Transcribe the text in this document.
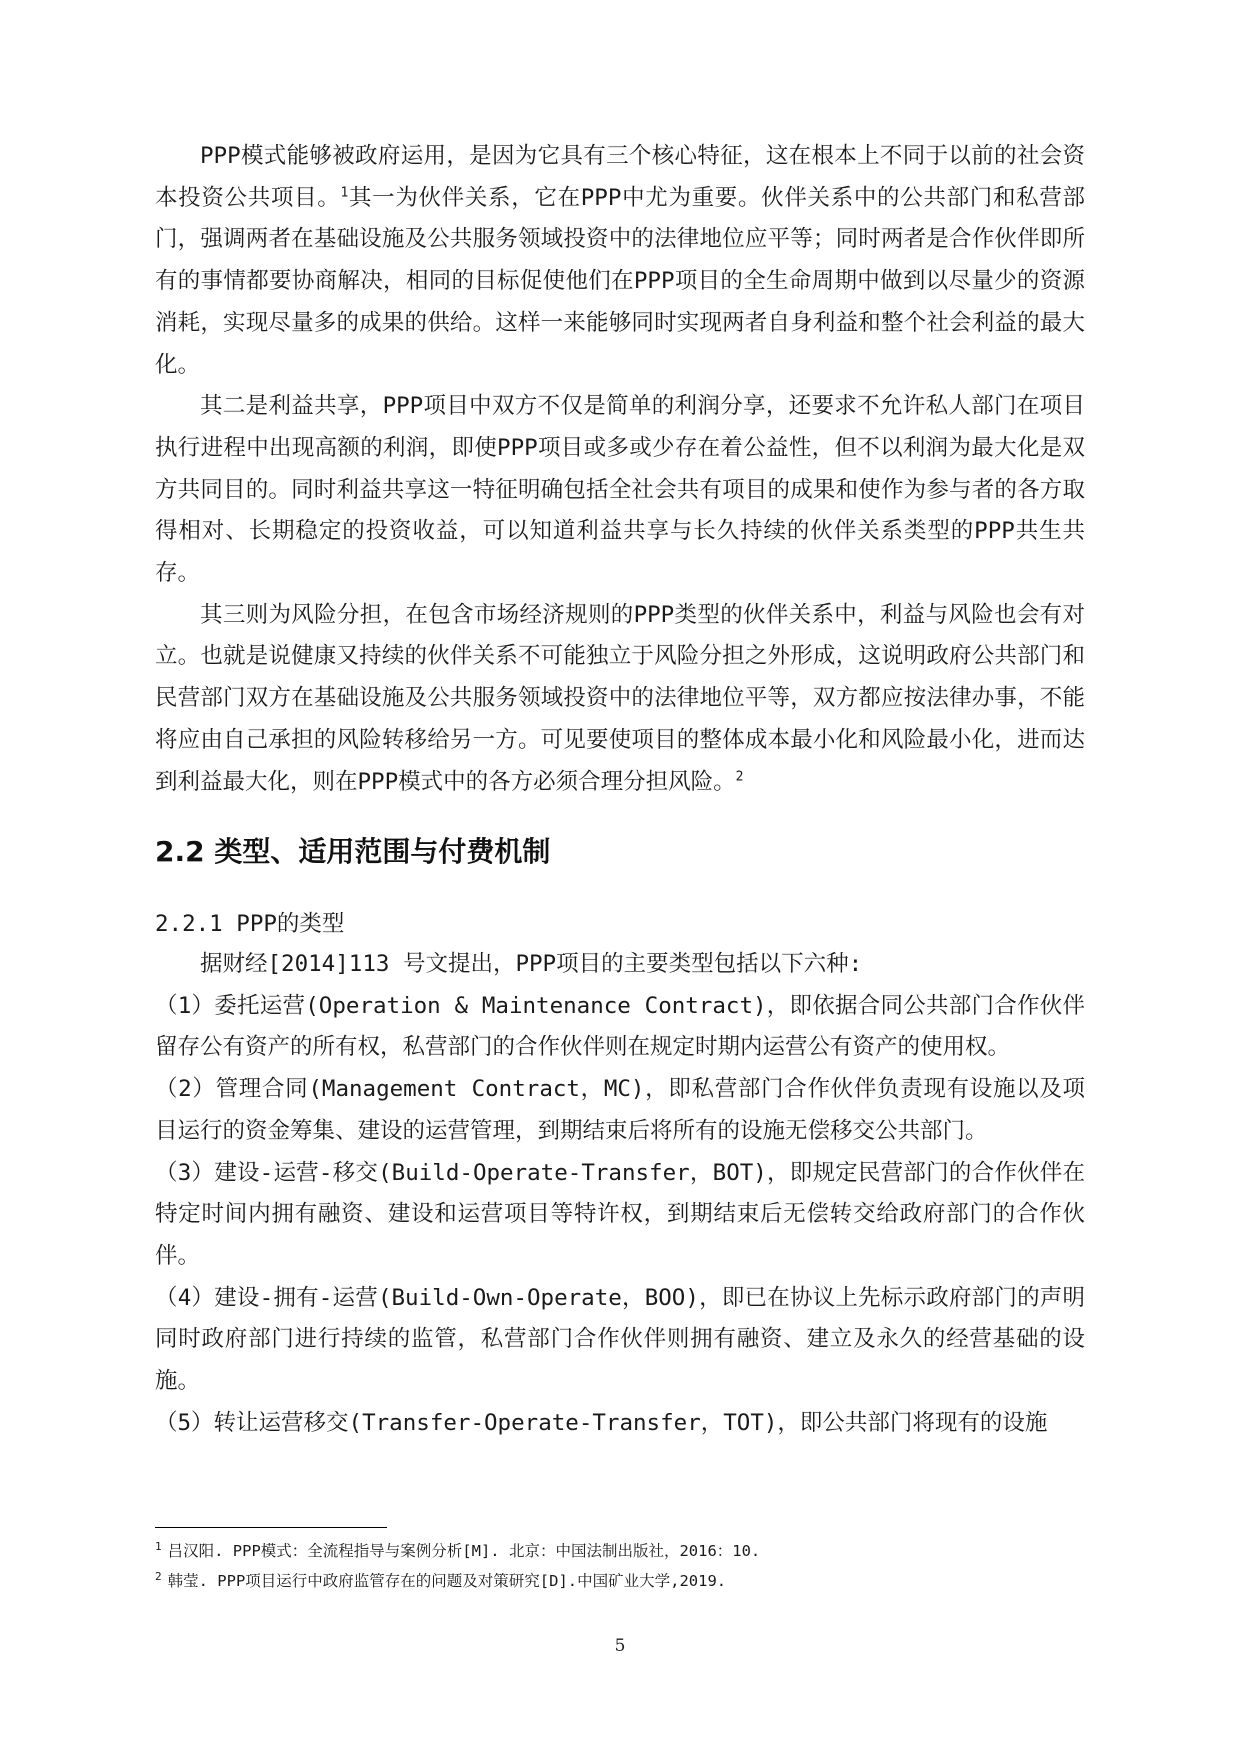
PPP模式能够被政府运用，是因为它具有三个核心特征，这在根本上不同于以前的社会资本投资公共项目。$^1$其一为伙伴关系，它在PPP中尤为重要。伙伴关系中的公共部门和私营部门，强调两者在基础设施及公共服务领域投资中的法律地位应平等；同时两者是合作伙伴即所有的事情都要协商解决，相同的目标促使他们在PPP项目的全生命周期中做到以尽量少的资源消耗，实现尽量多的成果的供给。这样一来能够同时实现两者自身利益和整个社会利益的最大化。

其二是利益共享，PPP项目中双方不仅是简单的利润分享，还要求不允许私人部门在项目执行进程中出现高额的利润，即使PPP项目或多或少存在着公益性，但不以利润为最大化是双方共同目的。同时利益共享这一特征明确包括全社会共有项目的成果和使作为参与者的各方取得相对、长期稳定的投资收益，可以知道利益共享与长久持续的伙伴关系类型的PPP共生共存。

其三则为风险分担，在包含市场经济规则的PPP类型的伙伴关系中，利益与风险也会有对立。也就是说健康又持续的伙伴关系不可能独立于风险分担之外形成，这说明政府公共部门和民营部门双方在基础设施及公共服务领域投资中的法律地位平等，双方都应按法律办事，不能将应由自己承担的风险转移给另一方。可见要使项目的整体成本最小化和风险最小化，进而达到利益最大化，则在PPP模式中的各方必须合理分担风险。$^2$

2.2 类型、适用范围与付费机制

2.2.1 PPP的类型

据财经[2014]113 号文提出，PPP项目的主要类型包括以下六种:

（1）委托运营(Operation & Maintenance Contract)，即依据合同公共部门合作伙伴留存公有资产的所有权，私营部门的合作伙伴则在规定时期内运营公有资产的使用权。

（2）管理合同(Management Contract，MC)，即私营部门合作伙伴负责现有设施以及项目运行的资金筹集、建设的运营管理，到期结束后将所有的设施无偿移交公共部门。

（3）建设-运营-移交(Build-Operate-Transfer，BOT)，即规定民营部门的合作伙伴在特定时间内拥有融资、建设和运营项目等特许权，到期结束后无偿转交给政府部门的合作伙伴。

（4）建设-拥有-运营(Build-Own-Operate，BOO)，即已在协议上先标示政府部门的声明同时政府部门进行持续的监管，私营部门合作伙伴则拥有融资、建立及永久的经营基础的设施。

（5）转让运营移交(Transfer-Operate-Transfer，TOT)，即公共部门将现有的设施

$^1$ 吕汉阳. PPP模式：全流程指导与案例分析[M]. 北京：中国法制出版社，2016：10.

$^2$ 韩莹. PPP项目运行中政府监管存在的问题及对策研究[D].中国矿业大学,2019.

5
